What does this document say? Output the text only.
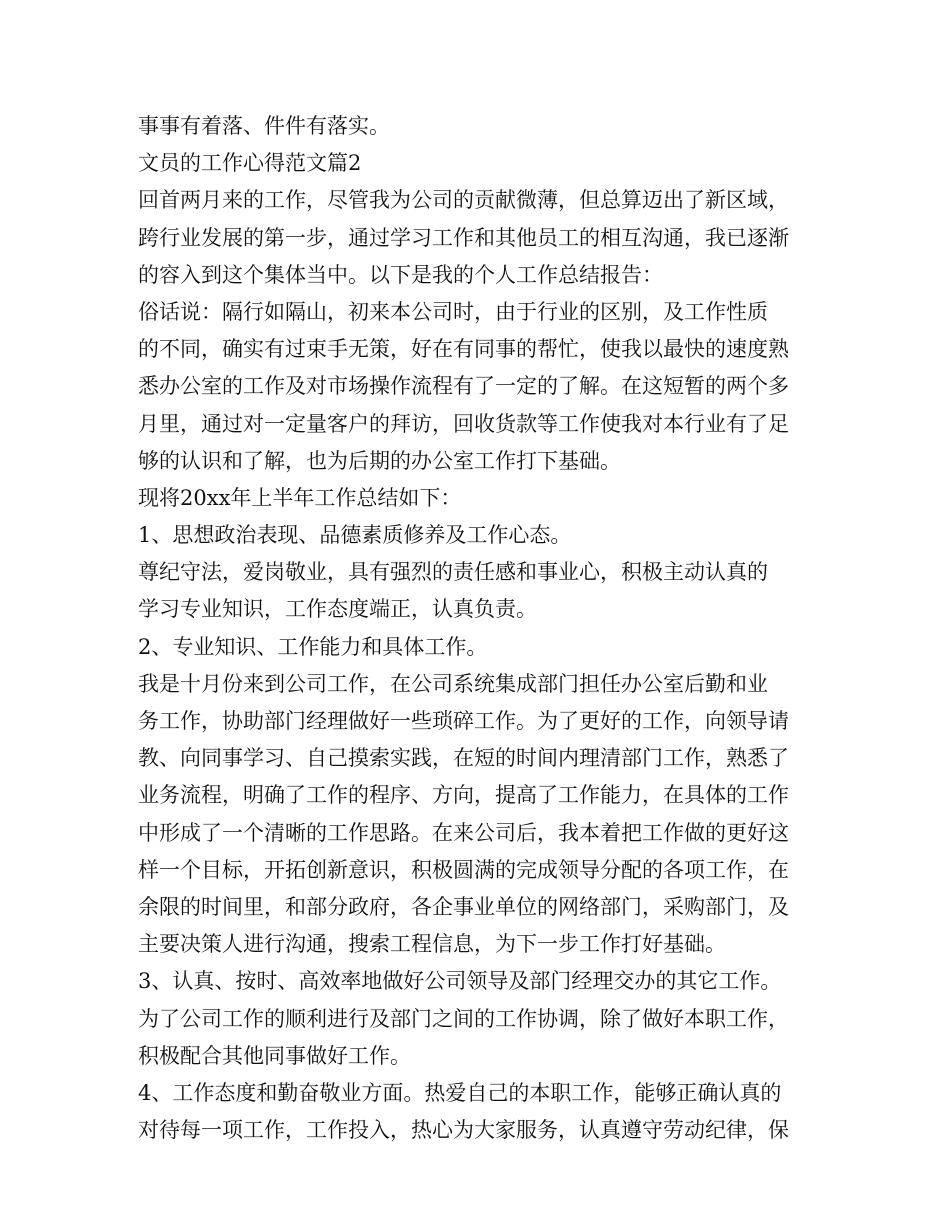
事事有着落、件件有落实。
文员的工作心得范文篇2
回首两月来的工作，尽管我为公司的贡献微薄，但总算迈出了新区域，
跨行业发展的第一步，通过学习工作和其他员工的相互沟通，我已逐渐
的容入到这个集体当中。以下是我的个人工作总结报告：
俗话说：隔行如隔山，初来本公司时，由于行业的区别，及工作性质
的不同，确实有过束手无策，好在有同事的帮忙，使我以最快的速度熟
悉办公室的工作及对市场操作流程有了一定的了解。在这短暂的两个多
月里，通过对一定量客户的拜访，回收货款等工作使我对本行业有了足
够的认识和了解，也为后期的办公室工作打下基础。
现将20xx年上半年工作总结如下：
1、思想政治表现、品德素质修养及工作心态。
尊纪守法，爱岗敬业，具有强烈的责任感和事业心，积极主动认真的
学习专业知识，工作态度端正，认真负责。
2、专业知识、工作能力和具体工作。
我是十月份来到公司工作，在公司系统集成部门担任办公室后勤和业
务工作，协助部门经理做好一些琐碎工作。为了更好的工作，向领导请
教、向同事学习、自己摸索实践，在短的时间内理清部门工作，熟悉了
业务流程，明确了工作的程序、方向，提高了工作能力，在具体的工作
中形成了一个清晰的工作思路。在来公司后，我本着把工作做的更好这
样一个目标，开拓创新意识，积极圆满的完成领导分配的各项工作，在
余限的时间里，和部分政府，各企事业单位的网络部门，采购部门，及
主要决策人进行沟通，搜索工程信息，为下一步工作打好基础。
3、认真、按时、高效率地做好公司领导及部门经理交办的其它工作。
为了公司工作的顺利进行及部门之间的工作协调，除了做好本职工作，
积极配合其他同事做好工作。
4、工作态度和勤奋敬业方面。热爱自己的本职工作，能够正确认真的
对待每一项工作，工作投入，热心为大家服务，认真遵守劳动纪律，保
